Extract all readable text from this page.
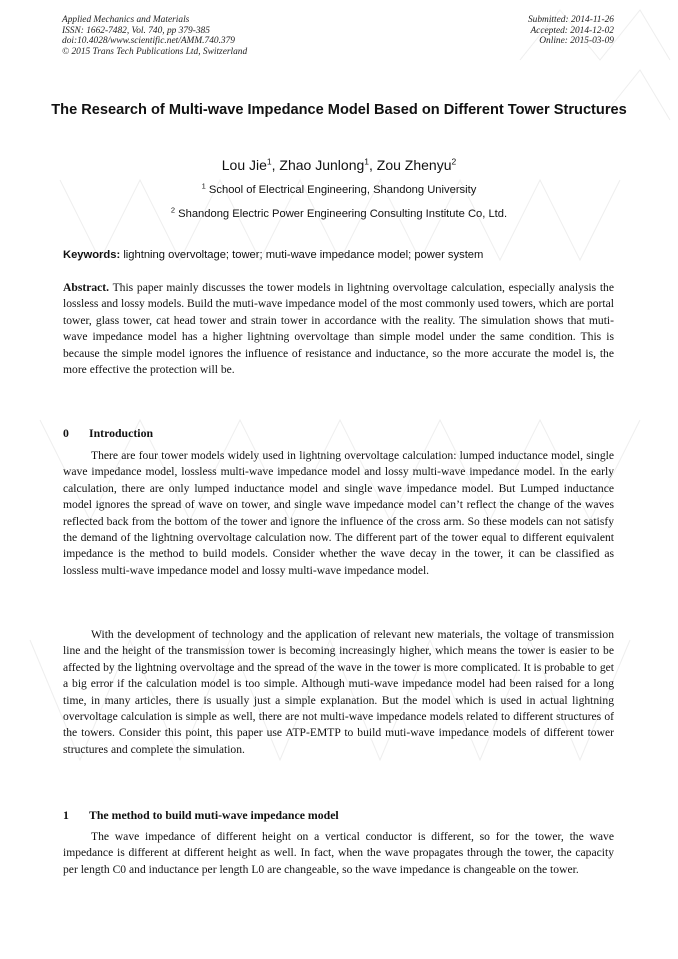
Applied Mechanics and Materials
ISSN: 1662-7482, Vol. 740, pp 379-385
doi:10.4028/www.scientific.net/AMM.740.379
© 2015 Trans Tech Publications Ltd, Switzerland
Submitted: 2014-11-26
Accepted: 2014-12-02
Online: 2015-03-09
The Research of Multi-wave Impedance Model Based on Different Tower Structures
Lou Jie$^1$, Zhao Junlong$^1$, Zou Zhenyu$^2$
$^1$ School of Electrical Engineering, Shandong University
$^2$ Shandong Electric Power Engineering Consulting Institute Co, Ltd.
Keywords: lightning overvoltage; tower; muti-wave impedance model; power system
Abstract. This paper mainly discusses the tower models in lightning overvoltage calculation, especially analysis the lossless and lossy models. Build the muti-wave impedance model of the most commonly used towers, which are portal tower, glass tower, cat head tower and strain tower in accordance with the reality. The simulation shows that muti-wave impedance model has a higher lightning overvoltage than simple model under the same condition. This is because the simple model ignores the influence of resistance and inductance, so the more accurate the model is, the more effective the protection will be.
0 Introduction
There are four tower models widely used in lightning overvoltage calculation: lumped inductance model, single wave impedance model, lossless multi-wave impedance model and lossy multi-wave impedance model. In the early calculation, there are only lumped inductance model and single wave impedance model. But Lumped inductance model ignores the spread of wave on tower, and single wave impedance model can’t reflect the change of the waves reflected back from the bottom of the tower and ignore the influence of the cross arm. So these models can not satisfy the demand of the lightning overvoltage calculation now. The different part of the tower equal to different equivalent impedance is the method to build models. Consider whether the wave decay in the tower, it can be classified as lossless multi-wave impedance model and lossy multi-wave impedance model.
With the development of technology and the application of relevant new materials, the voltage of transmission line and the height of the transmission tower is becoming increasingly higher, which means the tower is easier to be affected by the lightning overvoltage and the spread of the wave in the tower is more complicated. It is probable to get a big error if the calculation model is too simple. Although muti-wave impedance model had been raised for a long time, in many articles, there is usually just a simple explanation. But the model which is used in actual lightning overvoltage calculation is simple as well, there are not multi-wave impedance models related to different structures of the towers. Consider this point, this paper use ATP-EMTP to build muti-wave impedance models of different tower structures and complete the simulation.
1 The method to build muti-wave impedance model
The wave impedance of different height on a vertical conductor is different, so for the tower, the wave impedance is different at different height as well. In fact, when the wave propagates through the tower, the capacity per length C0 and inductance per length L0 are changeable, so the wave impedance is changeable on the tower.
